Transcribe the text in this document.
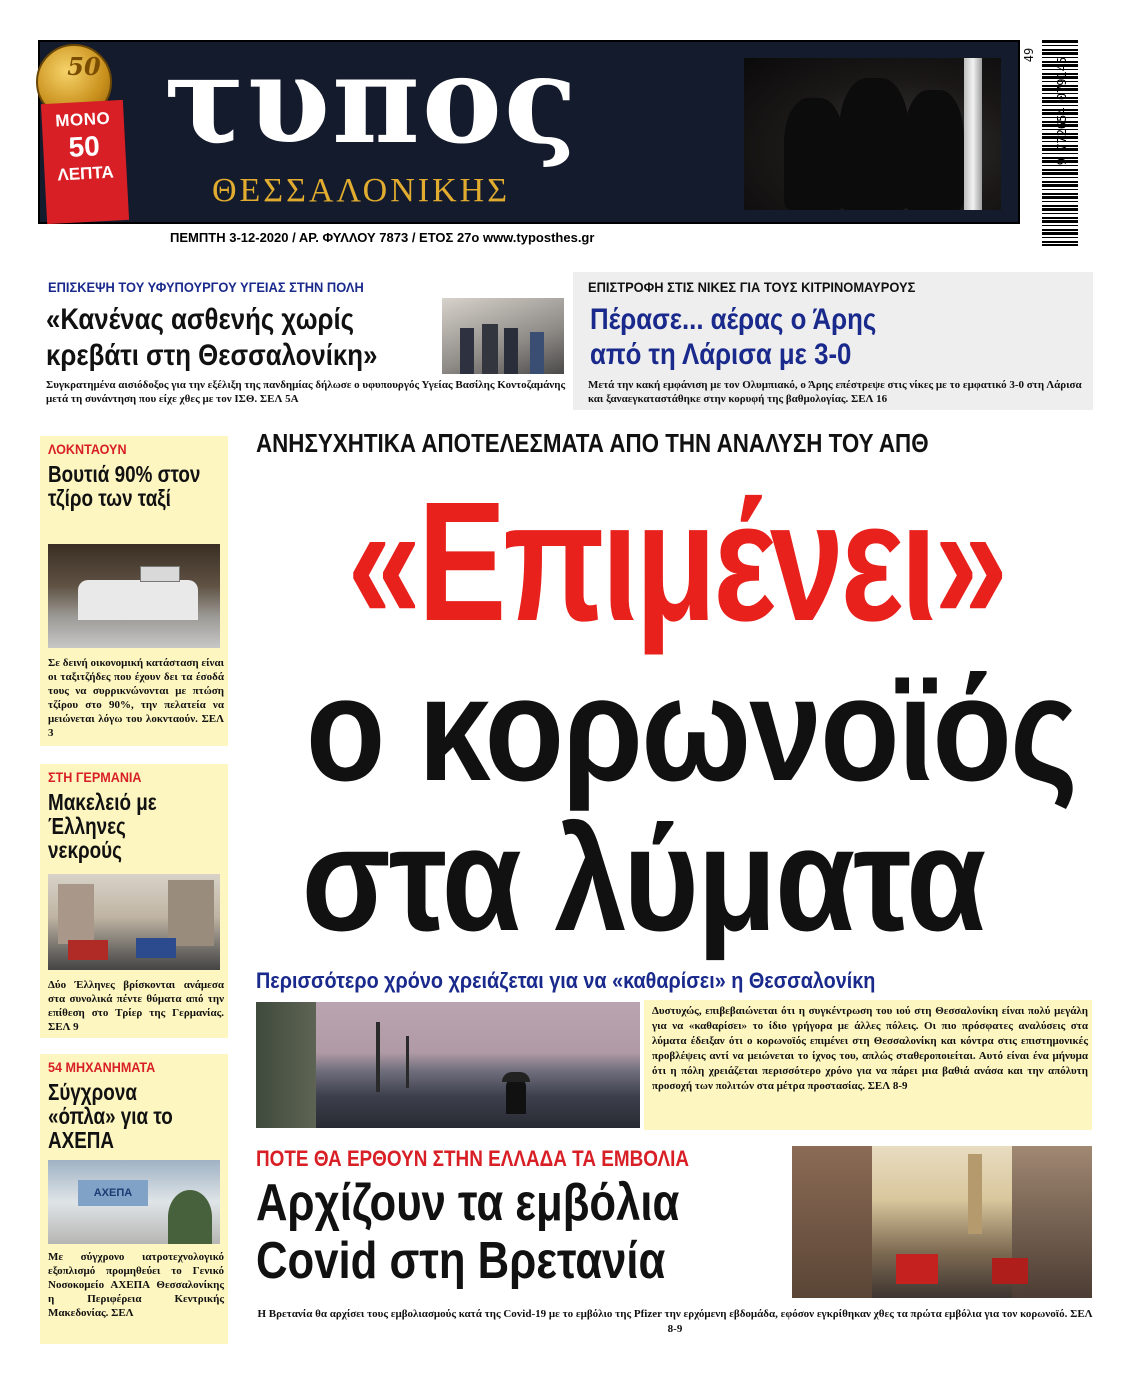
50
ΜΟΝΟ
50
ΛΕΠΤΑ
τυπος
ΘΕΣΣΑΛΟΝΙΚΗΣ
9 772654 079145
49
ΠΕΜΠΤΗ 3-12-2020 / ΑΡ. ΦΥΛΛΟΥ 7873 / ΕΤΟΣ 27ο www.typosthes.gr
ΕΠΙΣΚΕΨΗ ΤΟΥ ΥΦΥΠΟΥΡΓΟΥ ΥΓΕΙΑΣ ΣΤΗΝ ΠΟΛΗ
«Κανένας ασθενής χωρίς
κρεβάτι στη Θεσσαλονίκη»
Συγκρατημένα αισιόδοξος για την εξέλιξη της πανδημίας δήλωσε ο υφυπουργός Υγείας Βασίλης Κοντοζαμάνης μετά τη συνάντηση που είχε χθες με τον ΙΣΘ. ΣΕΛ 5Α
ΕΠΙΣΤΡΟΦΗ ΣΤΙΣ ΝΙΚΕΣ ΓΙΑ ΤΟΥΣ ΚΙΤΡΙΝΟΜΑΥΡΟΥΣ
Πέρασε... αέρας ο Άρης
από τη Λάρισα με 3-0
Μετά την κακή εμφάνιση με τον Ολυμπιακό, ο Άρης επέστρεψε στις νίκες με το εμφατικό 3-0 στη Λάρισα και ξαναεγκαταστάθηκε στην κορυφή της βαθμολογίας. ΣΕΛ 16
ΛΟΚΝΤΑΟΥΝ
Βουτιά 90% στον τζίρο των ταξί
Σε δεινή οικονομική κατάσταση είναι οι ταξιτζήδες που έχουν δει τα έσοδά τους να συρρικνώνονται με πτώση τζίρου στο 90%, την πελατεία να μειώνεται λόγω του λοκνταούν. ΣΕΛ 3
ΣΤΗ ΓΕΡΜΑΝΙΑ
Μακελειό με Έλληνες νεκρούς
Δύο Έλληνες βρίσκονται ανάμεσα στα συνολικά πέντε θύματα από την επίθεση στο Τρίερ της Γερμανίας. ΣΕΛ 9
54 ΜΗΧΑΝΗΜΑΤΑ
Σύγχρονα «όπλα» για το ΑΧΕΠΑ
ΑΧΕΠΑ
Με σύγχρονο ιατροτεχνολογικό εξοπλισμό προμηθεύει το Γενικό Νοσοκομείο ΑΧΕΠΑ Θεσσαλονίκης η Περιφέρεια Κεντρικής Μακεδονίας. ΣΕΛ
ΑΝΗΣΥΧΗΤΙΚΑ ΑΠΟΤΕΛΕΣΜΑΤΑ ΑΠΟ ΤΗΝ ΑΝΑΛΥΣΗ ΤΟΥ ΑΠΘ
«Επιμένει»
ο κορωνοϊός
στα λύματα
Περισσότερο χρόνο χρειάζεται για να «καθαρίσει» η Θεσσαλονίκη
Δυστυχώς, επιβεβαιώνεται ότι η συγκέντρωση του ιού στη Θεσσαλονίκη είναι πολύ μεγάλη για να «καθαρίσει» το ίδιο γρήγορα με άλλες πόλεις. Οι πιο πρόσφατες αναλύσεις στα λύματα έδειξαν ότι ο κορωνοϊός επιμένει στη Θεσσαλονίκη και κόντρα στις επιστημονικές προβλέψεις αντί να μειώνεται το ίχνος του, απλώς σταθεροποιείται. Αυτό είναι ένα μήνυμα ότι η πόλη χρειάζεται περισσότερο χρόνο για να πάρει μια βαθιά ανάσα και την απόλυτη προσοχή των πολιτών στα μέτρα προστασίας. ΣΕΛ 8-9
ΠΟΤΕ ΘΑ ΕΡΘΟΥΝ ΣΤΗΝ ΕΛΛΑΔΑ ΤΑ ΕΜΒΟΛΙΑ
Αρχίζουν τα εμβόλια
Covid στη Βρετανία
Η Βρετανία θα αρχίσει τους εμβολιασμούς κατά της Covid-19 με το εμβόλιο της Pfizer την ερχόμενη εβδομάδα, εφόσον εγκρίθηκαν χθες τα πρώτα εμβόλια για τον κορωνοϊό. ΣΕΛ 8-9
